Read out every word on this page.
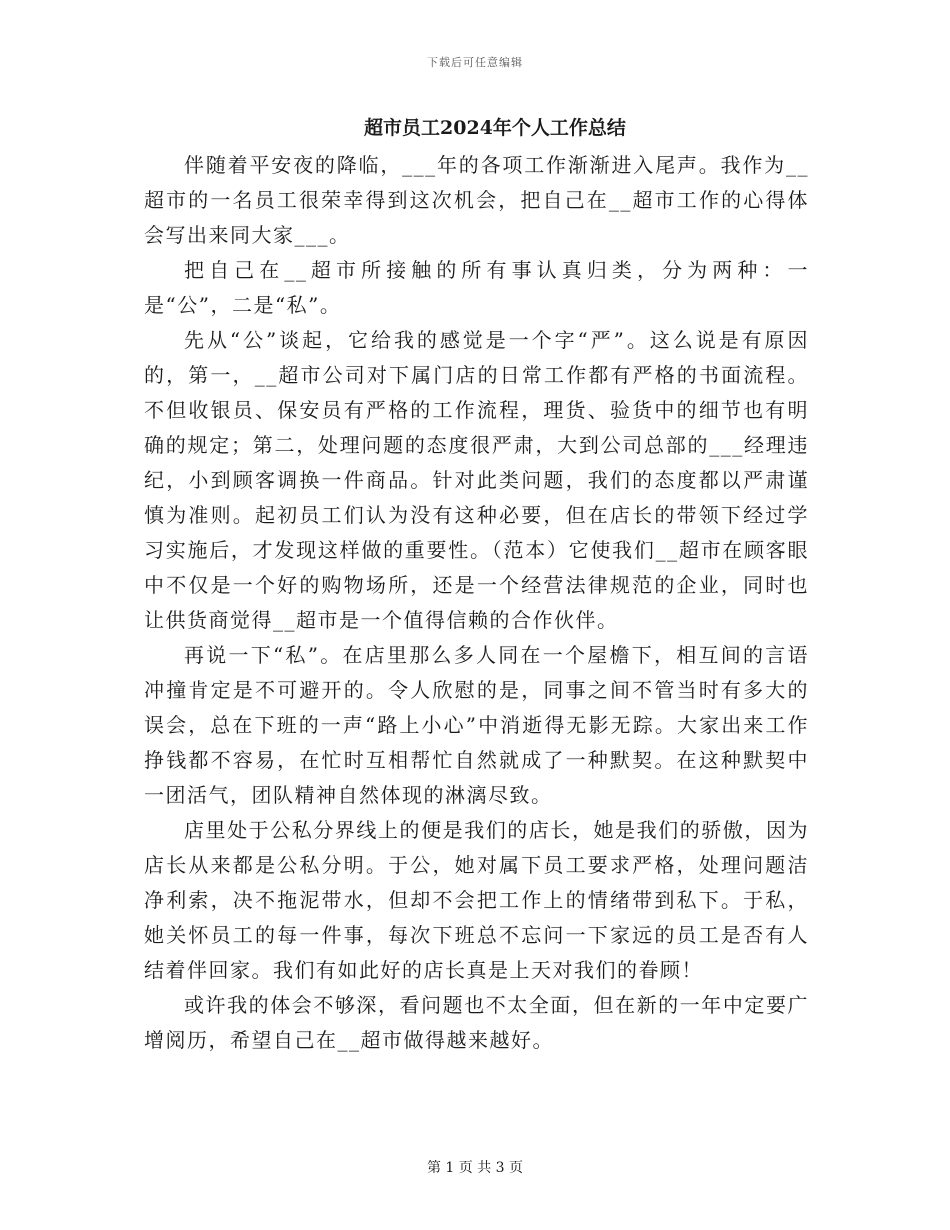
下载后可任意编辑
超市员工2024年个人工作总结

伴随着平安夜的降临，___年的各项工作渐渐进入尾声。我作为__超市的一名员工很荣幸得到这次机会，把自己在__超市工作的心得体会写出来同大家___。

把自己在__超市所接触的所有事认真归类，分为两种：一是“公”，二是“私”。

先从“公”谈起，它给我的感觉是一个字“严”。这么说是有原因的，第一，__超市公司对下属门店的日常工作都有严格的书面流程。不但收银员、保安员有严格的工作流程，理货、验货中的细节也有明确的规定；第二，处理问题的态度很严肃，大到公司总部的___经理违纪，小到顾客调换一件商品。针对此类问题，我们的态度都以严肃谨慎为准则。起初员工们认为没有这种必要，但在店长的带领下经过学习实施后，才发现这样做的重要性。（范本）它使我们__超市在顾客眼中不仅是一个好的购物场所，还是一个经营法律规范的企业，同时也让供货商觉得__超市是一个值得信赖的合作伙伴。

再说一下“私”。在店里那么多人同在一个屋檐下，相互间的言语冲撞肯定是不可避开的。令人欣慰的是，同事之间不管当时有多大的误会，总在下班的一声“路上小心”中消逝得无影无踪。大家出来工作挣钱都不容易，在忙时互相帮忙自然就成了一种默契。在这种默契中一团活气，团队精神自然体现的淋漓尽致。

店里处于公私分界线上的便是我们的店长，她是我们的骄傲，因为店长从来都是公私分明。于公，她对属下员工要求严格，处理问题洁净利索，决不拖泥带水，但却不会把工作上的情绪带到私下。于私，她关怀员工的每一件事，每次下班总不忘问一下家远的员工是否有人结着伴回家。我们有如此好的店长真是上天对我们的眷顾！

或许我的体会不够深，看问题也不太全面，但在新的一年中定要广增阅历，希望自己在__超市做得越来越好。

第 1 页 共 3 页
